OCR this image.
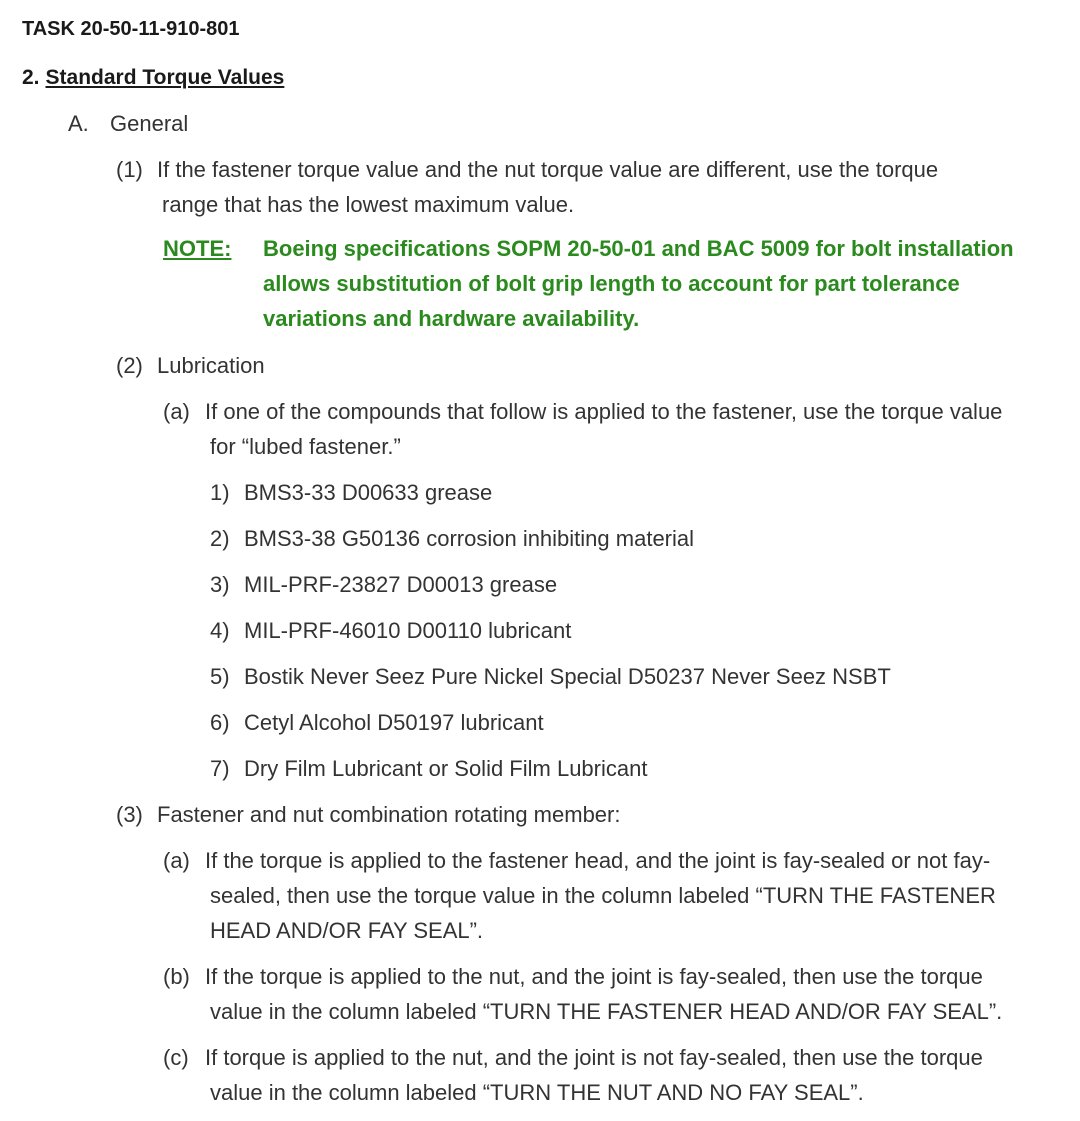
TASK 20-50-11-910-801
2. Standard Torque Values
A. General
(1) If the fastener torque value and the nut torque value are different, use the torque
range that has the lowest maximum value.
NOTE: Boeing specifications SOPM 20-50-01 and BAC 5009 for bolt installation
allows substitution of bolt grip length to account for part tolerance
variations and hardware availability.
(2) Lubrication
(a) If one of the compounds that follow is applied to the fastener, use the torque value
for “lubed fastener.”
1) BMS3-33 D00633 grease
2) BMS3-38 G50136 corrosion inhibiting material
3) MIL-PRF-23827 D00013 grease
4) MIL-PRF-46010 D00110 lubricant
5) Bostik Never Seez Pure Nickel Special D50237 Never Seez NSBT
6) Cetyl Alcohol D50197 lubricant
7) Dry Film Lubricant or Solid Film Lubricant
(3) Fastener and nut combination rotating member:
(a) If the torque is applied to the fastener head, and the joint is fay-sealed or not fay-
sealed, then use the torque value in the column labeled “TURN THE FASTENER
HEAD AND/OR FAY SEAL”.
(b) If the torque is applied to the nut, and the joint is fay-sealed, then use the torque
value in the column labeled “TURN THE FASTENER HEAD AND/OR FAY SEAL”.
(c) If torque is applied to the nut, and the joint is not fay-sealed, then use the torque
value in the column labeled “TURN THE NUT AND NO FAY SEAL”.
